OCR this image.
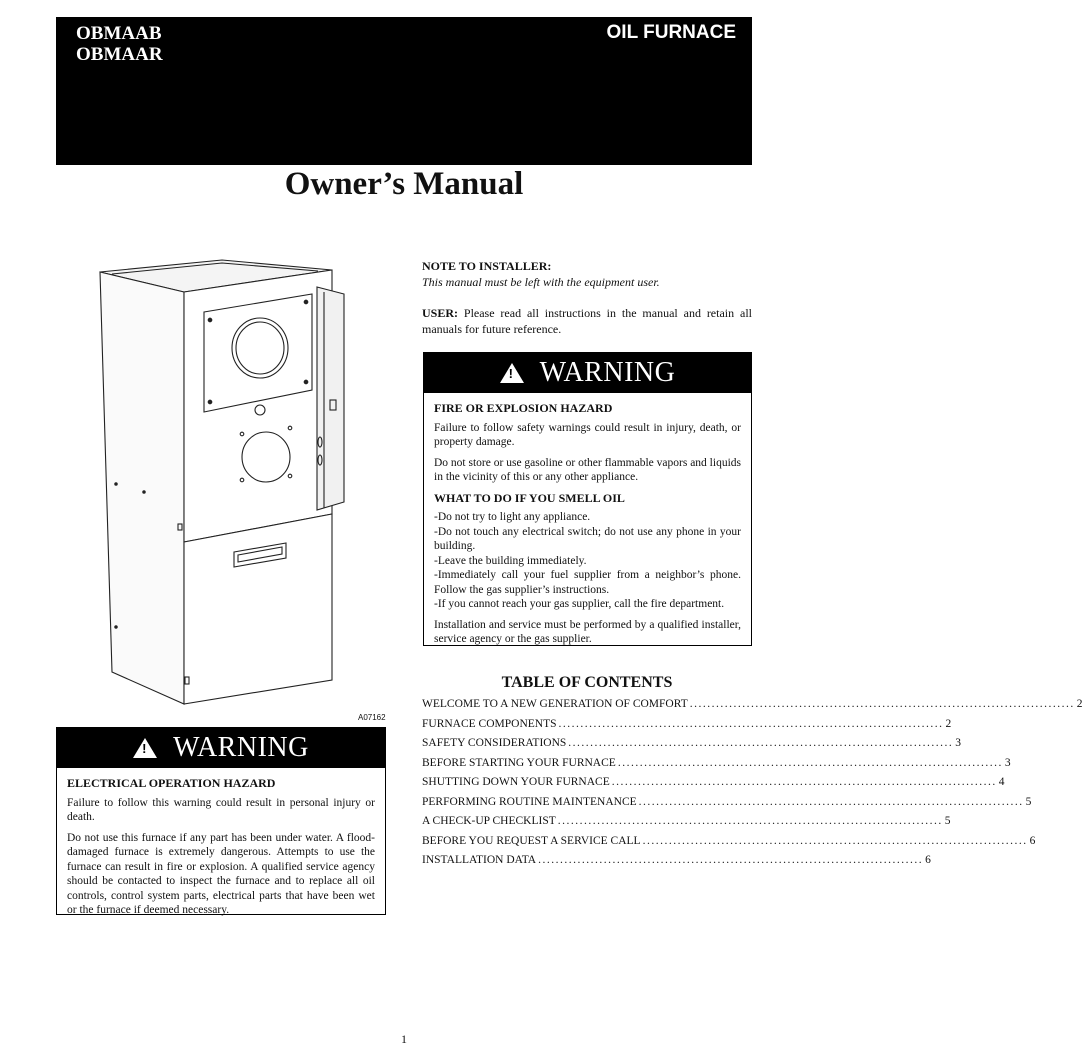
OBMAAB
OBMAAR
OIL FURNACE
Owner’s Manual
A07162

NOTE TO INSTALLER:

This manual must be left with the equipment user.

USER: Please read all instructions in the manual and retain all manuals for future reference.
! WARNING
FIRE OR EXPLOSION HAZARD

Failure to follow safety warnings could result in injury, death, or property damage.

Do not store or use gasoline or other flammable vapors and liquids in the vicinity of this or any other appliance.

WHAT TO DO IF YOU SMELL OIL
-Do not try to light any appliance.
-Do not touch any electrical switch; do not use any phone in your building.
-Leave the building immediately.
-Immediately call your fuel supplier from a neighbor’s phone. Follow the gas supplier’s instructions.
-If you cannot reach your gas supplier, call the fire department.

Installation and service must be performed by a qualified installer, service agency or the gas supplier.

! WARNING
ELECTRICAL OPERATION HAZARD

Failure to follow this warning could result in personal injury or death.

Do not use this furnace if any part has been under water. A flood-damaged furnace is extremely dangerous. Attempts to use the furnace can result in fire or explosion. A qualified service agency should be contacted to inspect the furnace and to replace all oil controls, control system parts, electrical parts that have been wet or the furnace if deemed necessary.

TABLE OF CONTENTS
WELCOME TO A NEW GENERATION OF COMFORT ........................................................................................ 2
FURNACE COMPONENTS ........................................................................................ 2
SAFETY CONSIDERATIONS ........................................................................................ 3
BEFORE STARTING YOUR FURNACE ........................................................................................ 3
SHUTTING DOWN YOUR FURNACE ........................................................................................ 4
PERFORMING ROUTINE MAINTENANCE ........................................................................................ 5
A CHECK-UP CHECKLIST ........................................................................................ 5
BEFORE YOU REQUEST A SERVICE CALL ........................................................................................ 6
INSTALLATION DATA ........................................................................................ 6
1
